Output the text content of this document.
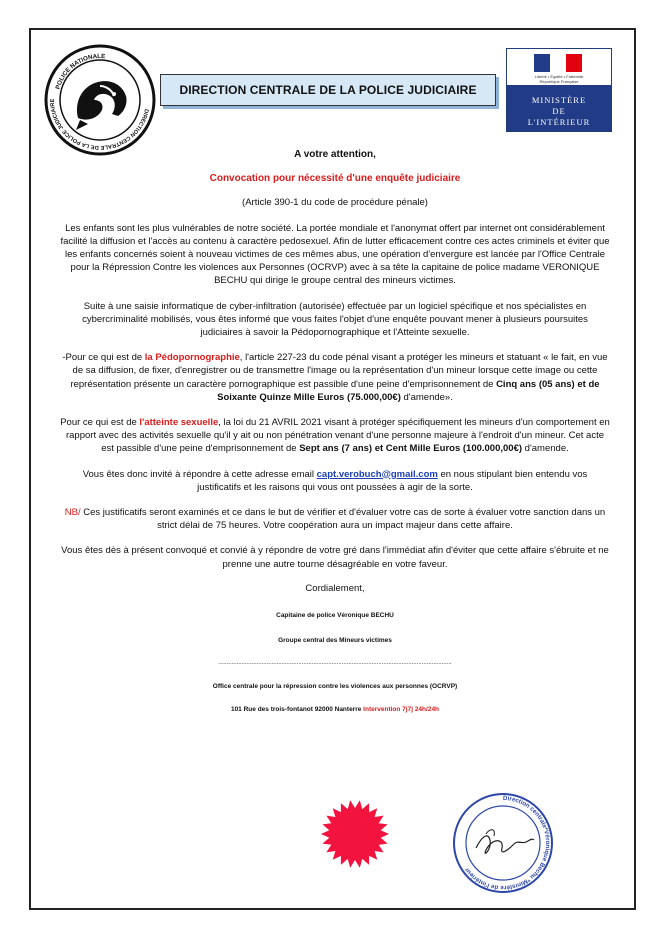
POLICE NATIONALE
DIRECTION CENTRALE DE LA POLICE JUDICIAIRE
DIRECTION CENTRALE DE LA POLICE JUDICIAIRE
Liberté • Égalité • Fraternité
République Française
MINISTÈRE
DE
L'INTÉRIEUR

A votre attention,

Convocation pour nécessité d'une enquête judiciaire

(Article 390-1 du code de procédure pénale)

Les enfants sont les plus vulnérables de notre société. La portée mondiale et l'anonymat offert par internet ont considérablement facilité la diffusion et l'accès au contenu à caractère pedosexuel. Afin de lutter efficacement contre ces actes criminels et éviter que les enfants concernés soient à nouveau victimes de ces mêmes abus, une opération d'envergure est lancée par l'Office Centrale pour la Répression Contre les violences aux Personnes (OCRVP) avec à sa tête la capitaine de police madame VERONIQUE BECHU qui dirige le groupe central des mineurs victimes.

Suite à une saisie informatique de cyber-infiltration (autorisée) effectuée par un logiciel spécifique et nos spécialistes en cybercriminalité mobilisés, vous êtes informé que vous faites l'objet d'une enquête pouvant mener à plusieurs poursuites judiciaires à savoir la Pédopornographique et l'Atteinte sexuelle.

-Pour ce qui est de la Pédopornographie, l'article 227-23 du code pénal visant a protéger les mineurs et statuant « le fait, en vue de sa diffusion, de fixer, d'enregistrer ou de transmettre l'image ou la représentation d'un mineur lorsque cette image ou cette représentation présente un caractère pornographique est passible d'une peine d'emprisonnement de Cinq ans (05 ans) et de Soixante Quinze Mille Euros (75.000,00€) d'amende».

Pour ce qui est de l'atteinte sexuelle, la loi du 21 AVRIL 2021 visant à protéger spécifiquement les mineurs d'un comportement en rapport avec des activités sexuelle qu'il y ait ou non pénétration venant d'une personne majeure à l'endroit d'un mineur. Cet acte est passible d'une peine d'emprisonnement de Sept ans (7 ans) et Cent Mille Euros (100.000,00€) d'amende.

Vous êtes donc invité à répondre à cette adresse email capt.verobuch@gmail.com en nous stipulant bien entendu vos justificatifs et les raisons qui vous ont poussées à agir de la sorte.

NB/ Ces justificatifs seront examinés et ce dans le but de vérifier et d'évaluer votre cas de sorte à évaluer votre sanction dans un strict délai de 75 heures. Votre coopération aura un impact majeur dans cette affaire.

Vous êtes dès à présent convoqué et convié à y répondre de votre gré dans l'immédiat afin d'éviter que cette affaire s'ébruite et ne prenne une autre tourne désagréable en votre faveur.

Cordialement,

Capitaine de police Véronique BECHU

Groupe central des Mineurs victimes

............................................................................................................................................

Office centrale pour la répression contre les violences aux personnes (OCRVP)

101 Rue des trois-fontanot 92000 Nanterre Intervention 7j7j 24h/24h

Direction centrale*Véronique Bechu *Ministère de l'intérieur
